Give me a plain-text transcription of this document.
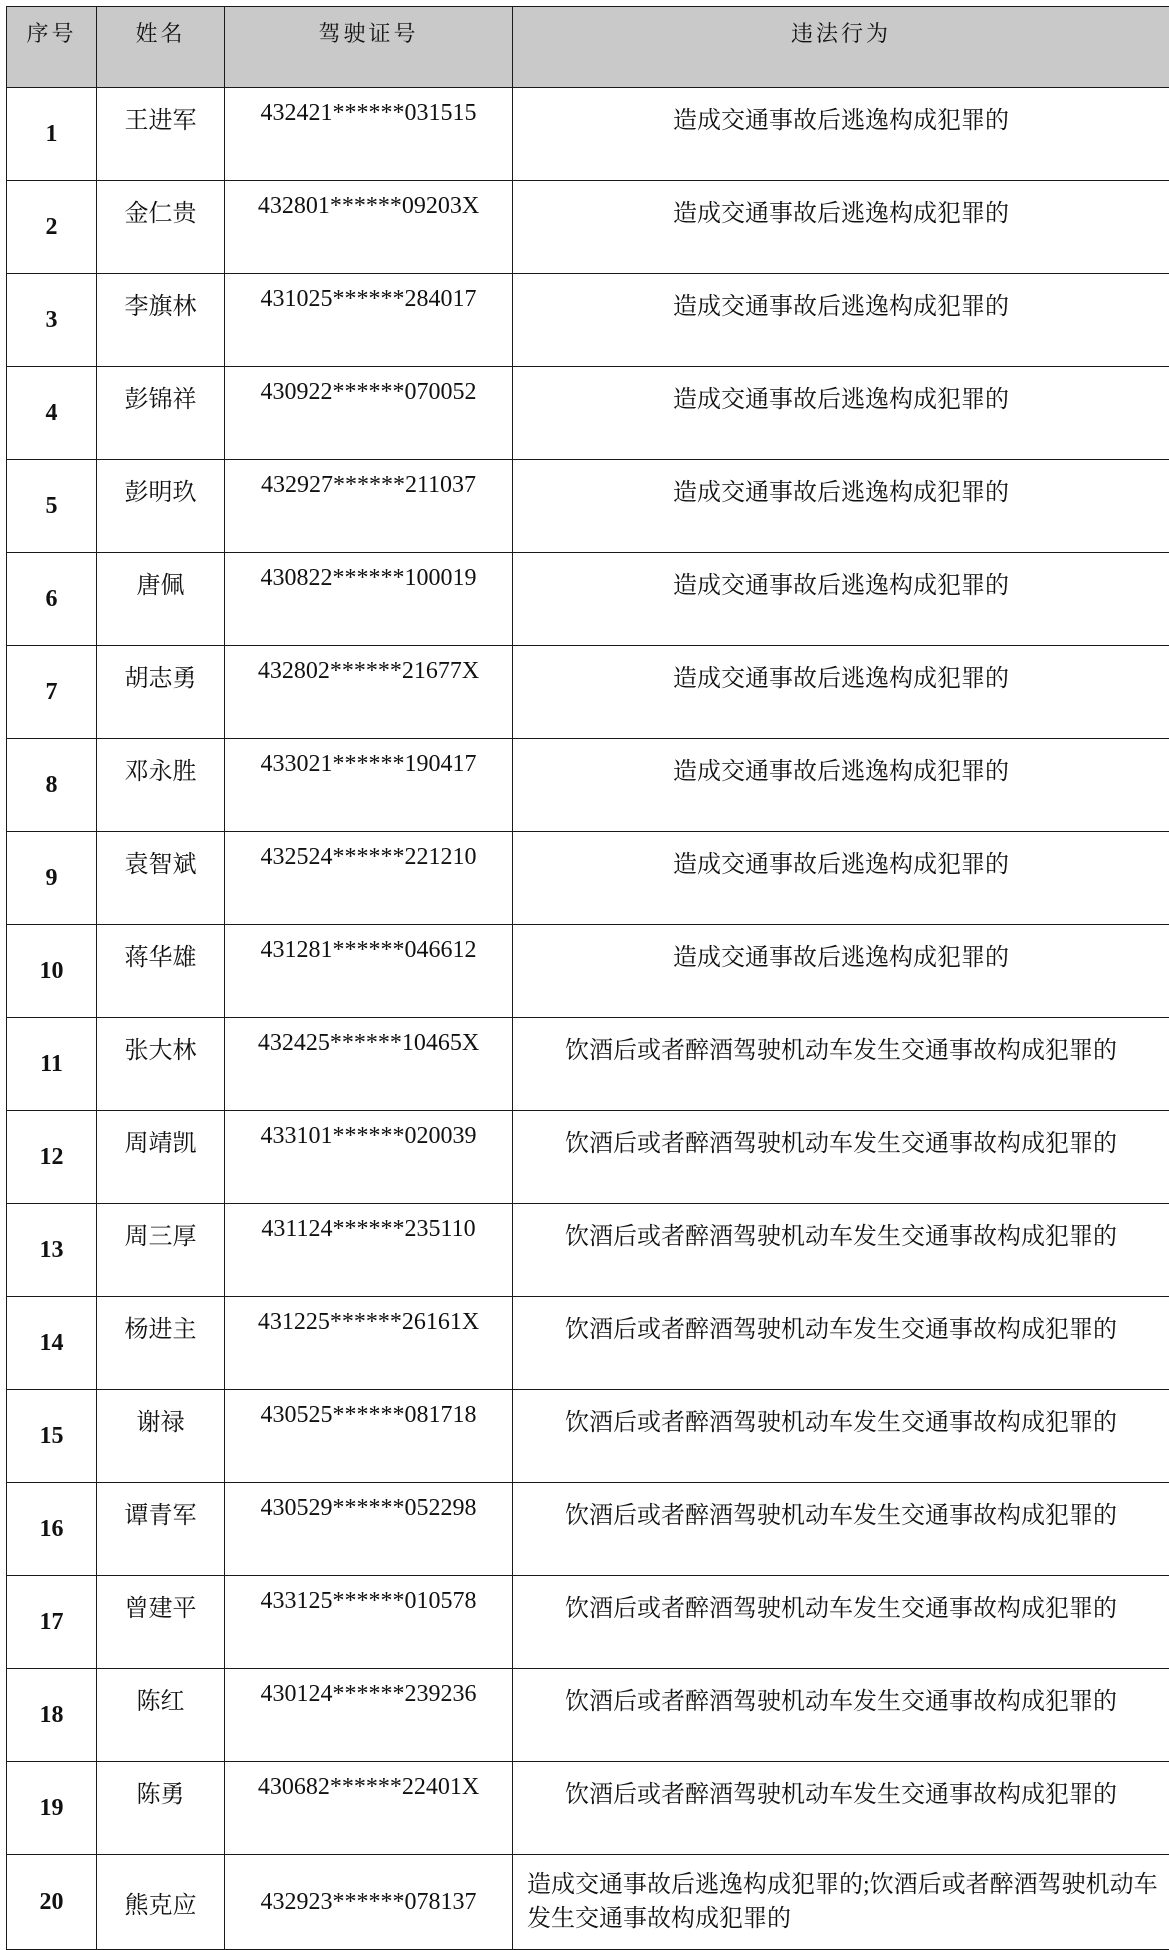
序号	姓名	驾驶证号	违法行为
1	王进军	432421******031515	造成交通事故后逃逸构成犯罪的
2	金仁贵	432801******09203X	造成交通事故后逃逸构成犯罪的
3	李旗林	431025******284017	造成交通事故后逃逸构成犯罪的
4	彭锦祥	430922******070052	造成交通事故后逃逸构成犯罪的
5	彭明玖	432927******211037	造成交通事故后逃逸构成犯罪的
6	唐佩	430822******100019	造成交通事故后逃逸构成犯罪的
7	胡志勇	432802******21677X	造成交通事故后逃逸构成犯罪的
8	邓永胜	433021******190417	造成交通事故后逃逸构成犯罪的
9	袁智斌	432524******221210	造成交通事故后逃逸构成犯罪的
10	蒋华雄	431281******046612	造成交通事故后逃逸构成犯罪的
11	张大林	432425******10465X	饮酒后或者醉酒驾驶机动车发生交通事故构成犯罪的
12	周靖凯	433101******020039	饮酒后或者醉酒驾驶机动车发生交通事故构成犯罪的
13	周三厚	431124******235110	饮酒后或者醉酒驾驶机动车发生交通事故构成犯罪的
14	杨进主	431225******26161X	饮酒后或者醉酒驾驶机动车发生交通事故构成犯罪的
15	谢禄	430525******081718	饮酒后或者醉酒驾驶机动车发生交通事故构成犯罪的
16	谭青军	430529******052298	饮酒后或者醉酒驾驶机动车发生交通事故构成犯罪的
17	曾建平	433125******010578	饮酒后或者醉酒驾驶机动车发生交通事故构成犯罪的
18	陈红	430124******239236	饮酒后或者醉酒驾驶机动车发生交通事故构成犯罪的
19	陈勇	430682******22401X	饮酒后或者醉酒驾驶机动车发生交通事故构成犯罪的
20	熊克应	432923******078137	造成交通事故后逃逸构成犯罪的;饮酒后或者醉酒驾驶机动车发生交通事故构成犯罪的
